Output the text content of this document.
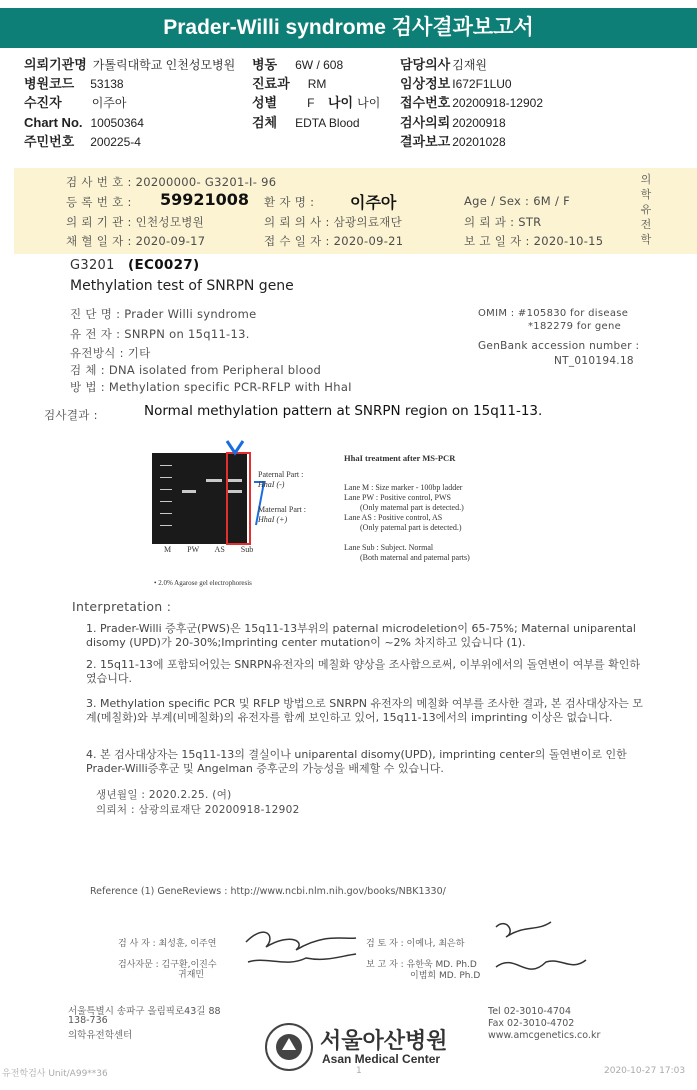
Prader-Willi syndrome 검사결과보고서
의뢰기관명 가톨릭대학교 인천성모병원 병동 6W / 608	담당의사 김재원
병원코드 53138	진료과 RM	임상정보 I672F1LU0
수진자	이주아	성별	F 나이 나이 접수번호 20200918-12902
Chart No. 10050364	검체 EDTA Blood	검사의뢰 20200918
주민번호 200225-4	결과보고 20201028
검 사 번 호 : 20200000- G3201-I- 96
등 록 번 호 : 59921008 환 자 명 : 이주아	Age / Sex : 6M / F
의 뢰 기 관 : 인천성모병원	의 뢰 의 사 : 삼광의료재단	의 뢰 과 : STR
채 혈 일 자 : 2020-09-17	접 수 일 자 : 2020-09-21	보 고 일 자 : 2020-10-15
의학유전학
G3201 (EC0027)
Methylation test of SNRPN gene
진 단 명 : Prader Willi syndrome
유 전 자 : SNRPN on 15q11-13.
유전방식 : 기타
검 체 : DNA isolated from Peripheral blood
방 법 : Methylation specific PCR-RFLP with HhaI
OMIM : #105830 for disease
*182279 for gene
GenBank accession number :
NT_010194.18
검사결과 :	Normal methylation pattern at SNRPN region on 15q11-13.
M PW AS Sub
Paternal Part :
HhaI (-)
Maternal Part :
HhaI (+)
HhaI treatment after MS-PCR
Lane M : Size marker - 100bp ladder
Lane PW : Positive control, PWS
(Only maternal part is detected.)
Lane AS : Positive control, AS
(Only paternal part is detected.)
Lane Sub : Subject. Normal
(Both maternal and paternal parts)
• 2.0% Agarose gel electrophoresis
Interpretation :
1. Prader-Willi 증후군(PWS)은 15q11-13부위의 paternal microdeletion이 65-75%; Maternal uniparental disomy (UPD)가 20-30%;Imprinting center mutation이 ~2% 차지하고 있습니다 (1).
2. 15q11-13에 포함되어있는 SNRPN유전자의 메칠화 양상을 조사함으로써, 이부위에서의 돌연변이 여부를 확인하였습니다.
3. Methylation specific PCR 및 RFLP 방법으로 SNRPN 유전자의 메칠화 여부를 조사한 결과, 본 검사대상자는 모계(메칠화)와 부계(비메칠화)의 유전자를 함께 보인하고 있어, 15q11-13에서의 imprinting 이상은 없습니다.
4. 본 검사대상자는 15q11-13의 결실이나 uniparental disomy(UPD), imprinting center의 돌연변이로 인한 Prader-Willi증후군 및 Angelman 증후군의 가능성을 배제할 수 있습니다.
생년월일 : 2020.2.25. (여)
의뢰처 : 삼광의료재단 20200918-12902
Reference (1) GeneReviews : http://www.ncbi.nlm.nih.gov/books/NBK1330/
검 사 자 : 최성훈, 이주연
검사자문 : 김구환,이진수
귀재민
검 토 자 : 이예나, 최은하
보 고 자 : 유한욱 MD. Ph.D
이범희 MD. Ph.D
서울특별시 송파구 올림픽로43길 88
138-736
의학유전학센터
Tel 02-3010-4704
Fax 02-3010-4702
www.amcgenetics.co.kr
서울아산병원
Asan Medical Center
유전학검사 Unit/A99**36	1	2020-10-27 17:03
